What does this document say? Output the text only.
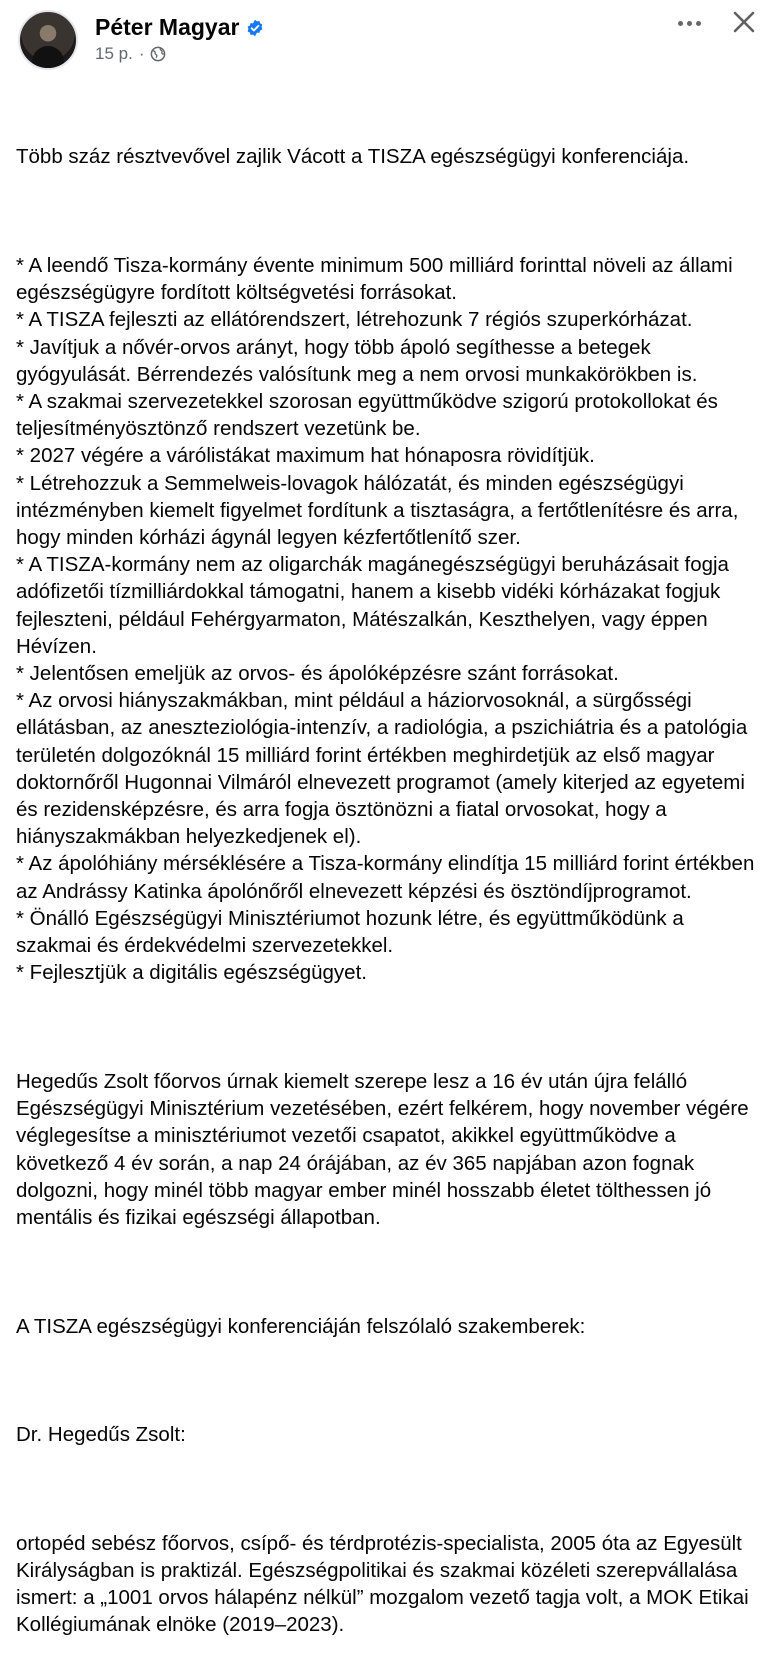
Péter Magyar
15 p. ·

Több száz résztvevővel zajlik Vácott a TISZA egészségügyi konferenciája.

* A leendő Tisza-kormány évente minimum 500 milliárd forinttal növeli az állami egészségügyre fordított költségvetési forrásokat.
* A TISZA fejleszti az ellátórendszert, létrehozunk 7 régiós szuperkórházat.
* Javítjuk a nővér-orvos arányt, hogy több ápoló segíthesse a betegek gyógyulását. Bérrendezés valósítunk meg a nem orvosi munkakörökben is.
* A szakmai szervezetekkel szorosan együttműködve szigorú protokollokat és teljesítményösztönző rendszert vezetünk be.
* 2027 végére a várólistákat maximum hat hónaposra rövidítjük.
* Létrehozzuk a Semmelweis-lovagok hálózatát, és minden egészségügyi intézményben kiemelt figyelmet fordítunk a tisztaságra, a fertőtlenítésre és arra, hogy minden kórházi ágynál legyen kézfertőtlenítő szer.
* A TISZA-kormány nem az oligarchák magánegészségügyi beruházásait fogja adófizetői tízmilliárdokkal támogatni, hanem a kisebb vidéki kórházakat fogjuk fejleszteni, például Fehérgyarmaton, Mátészalkán, Keszthelyen, vagy éppen Hévízen.
* Jelentősen emeljük az orvos- és ápolóképzésre szánt forrásokat.
* Az orvosi hiányszakmákban, mint például a háziorvosoknál, a sürgősségi ellátásban, az aneszteziológia-intenzív, a radiológia, a pszichiátria és a patológia területén dolgozóknál 15 milliárd forint értékben meghirdetjük az első magyar doktornőről Hugonnai Vilmáról elnevezett programot (amely kiterjed az egyetemi és rezidensképzésre, és arra fogja ösztönözni a fiatal orvosokat, hogy a hiányszakmákban helyezkedjenek el).
* Az ápolóhiány mérséklésére a Tisza-kormány elindítja 15 milliárd forint értékben az Andrássy Katinka ápolónőről elnevezett képzési és ösztöndíjprogramot.
* Önálló Egészségügyi Minisztériumot hozunk létre, és együttműködünk a szakmai és érdekvédelmi szervezetekkel.
* Fejlesztjük a digitális egészségügyet.

Hegedűs Zsolt főorvos úrnak kiemelt szerepe lesz a 16 év után újra felálló Egészségügyi Minisztérium vezetésében, ezért felkérem, hogy november végére véglegesítse a minisztériumot vezetői csapatot, akikkel együttműködve a következő 4 év során, a nap 24 órájában, az év 365 napjában azon fognak dolgozni, hogy minél több magyar ember minél hosszabb életet tölthessen jó mentális és fizikai egészségi állapotban.

A TISZA egészségügyi konferenciáján felszólaló szakemberek:

Dr. Hegedűs Zsolt:

ortopéd sebész főorvos, csípő- és térdprotézis-specialista, 2005 óta az Egyesült Királyságban is praktizál. Egészségpolitikai és szakmai közéleti szerepvállalása ismert: a „1001 orvos hálapénz nélkül” mozgalom vezető tagja volt, a MOK Etikai Kollégiumának elnöke (2019–2023).
